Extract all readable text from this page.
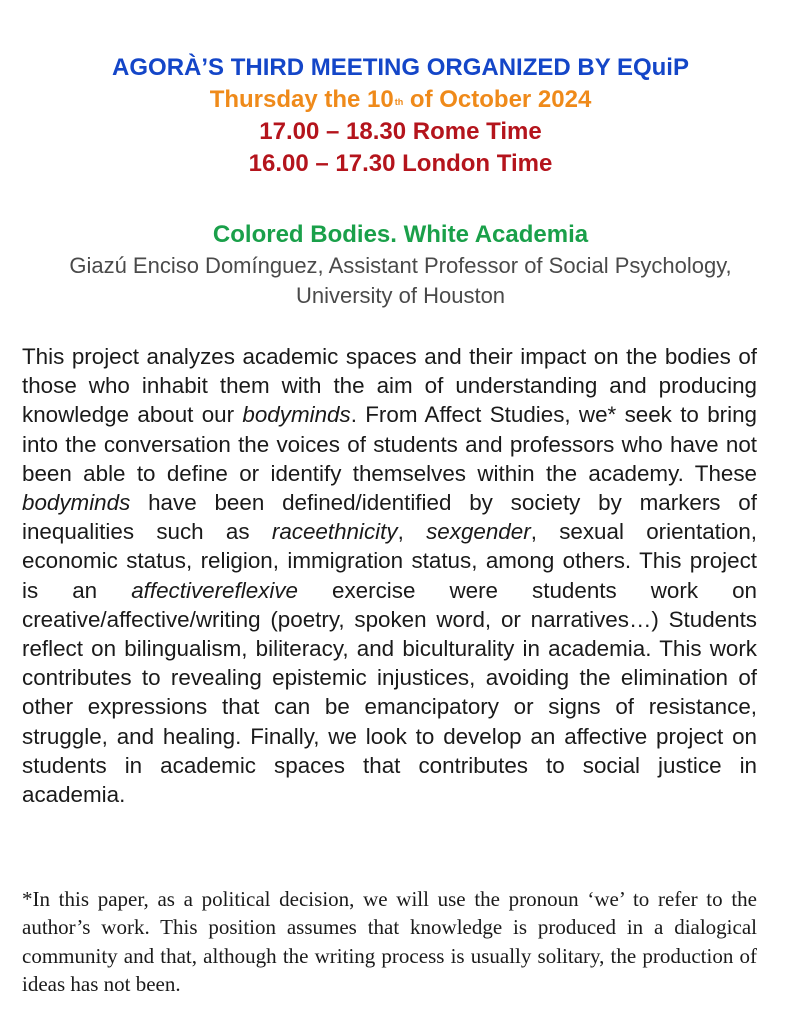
AGORÀ’S THIRD MEETING ORGANIZED BY EQuiP
Thursday the 10th of October 2024
17.00 – 18.30 Rome Time
16.00 – 17.30 London Time
Colored Bodies. White Academia
Giazú Enciso Domínguez, Assistant Professor of Social Psychology, University of Houston
This project analyzes academic spaces and their impact on the bodies of those who inhabit them with the aim of understanding and producing knowledge about our bodyminds. From Affect Studies, we* seek to bring into the conversation the voices of students and professors who have not been able to define or identify themselves within the academy. These bodyminds have been defined/identified by society by markers of inequalities such as raceethnicity, sexgender, sexual orientation, economic status, religion, immigration status, among others. This project is an affectivereflexive exercise were students work on creative/affective/writing (poetry, spoken word, or narratives…) Students reflect on bilingualism, biliteracy, and biculturality in academia. This work contributes to revealing epistemic injustices, avoiding the elimination of other expressions that can be emancipatory or signs of resistance, struggle, and healing. Finally, we look to develop an affective project on students in academic spaces that contributes to social justice in academia.
*In this paper, as a political decision, we will use the pronoun ‘we’ to refer to the author’s work. This position assumes that knowledge is produced in a dialogical community and that, although the writing process is usually solitary, the production of ideas has not been.
